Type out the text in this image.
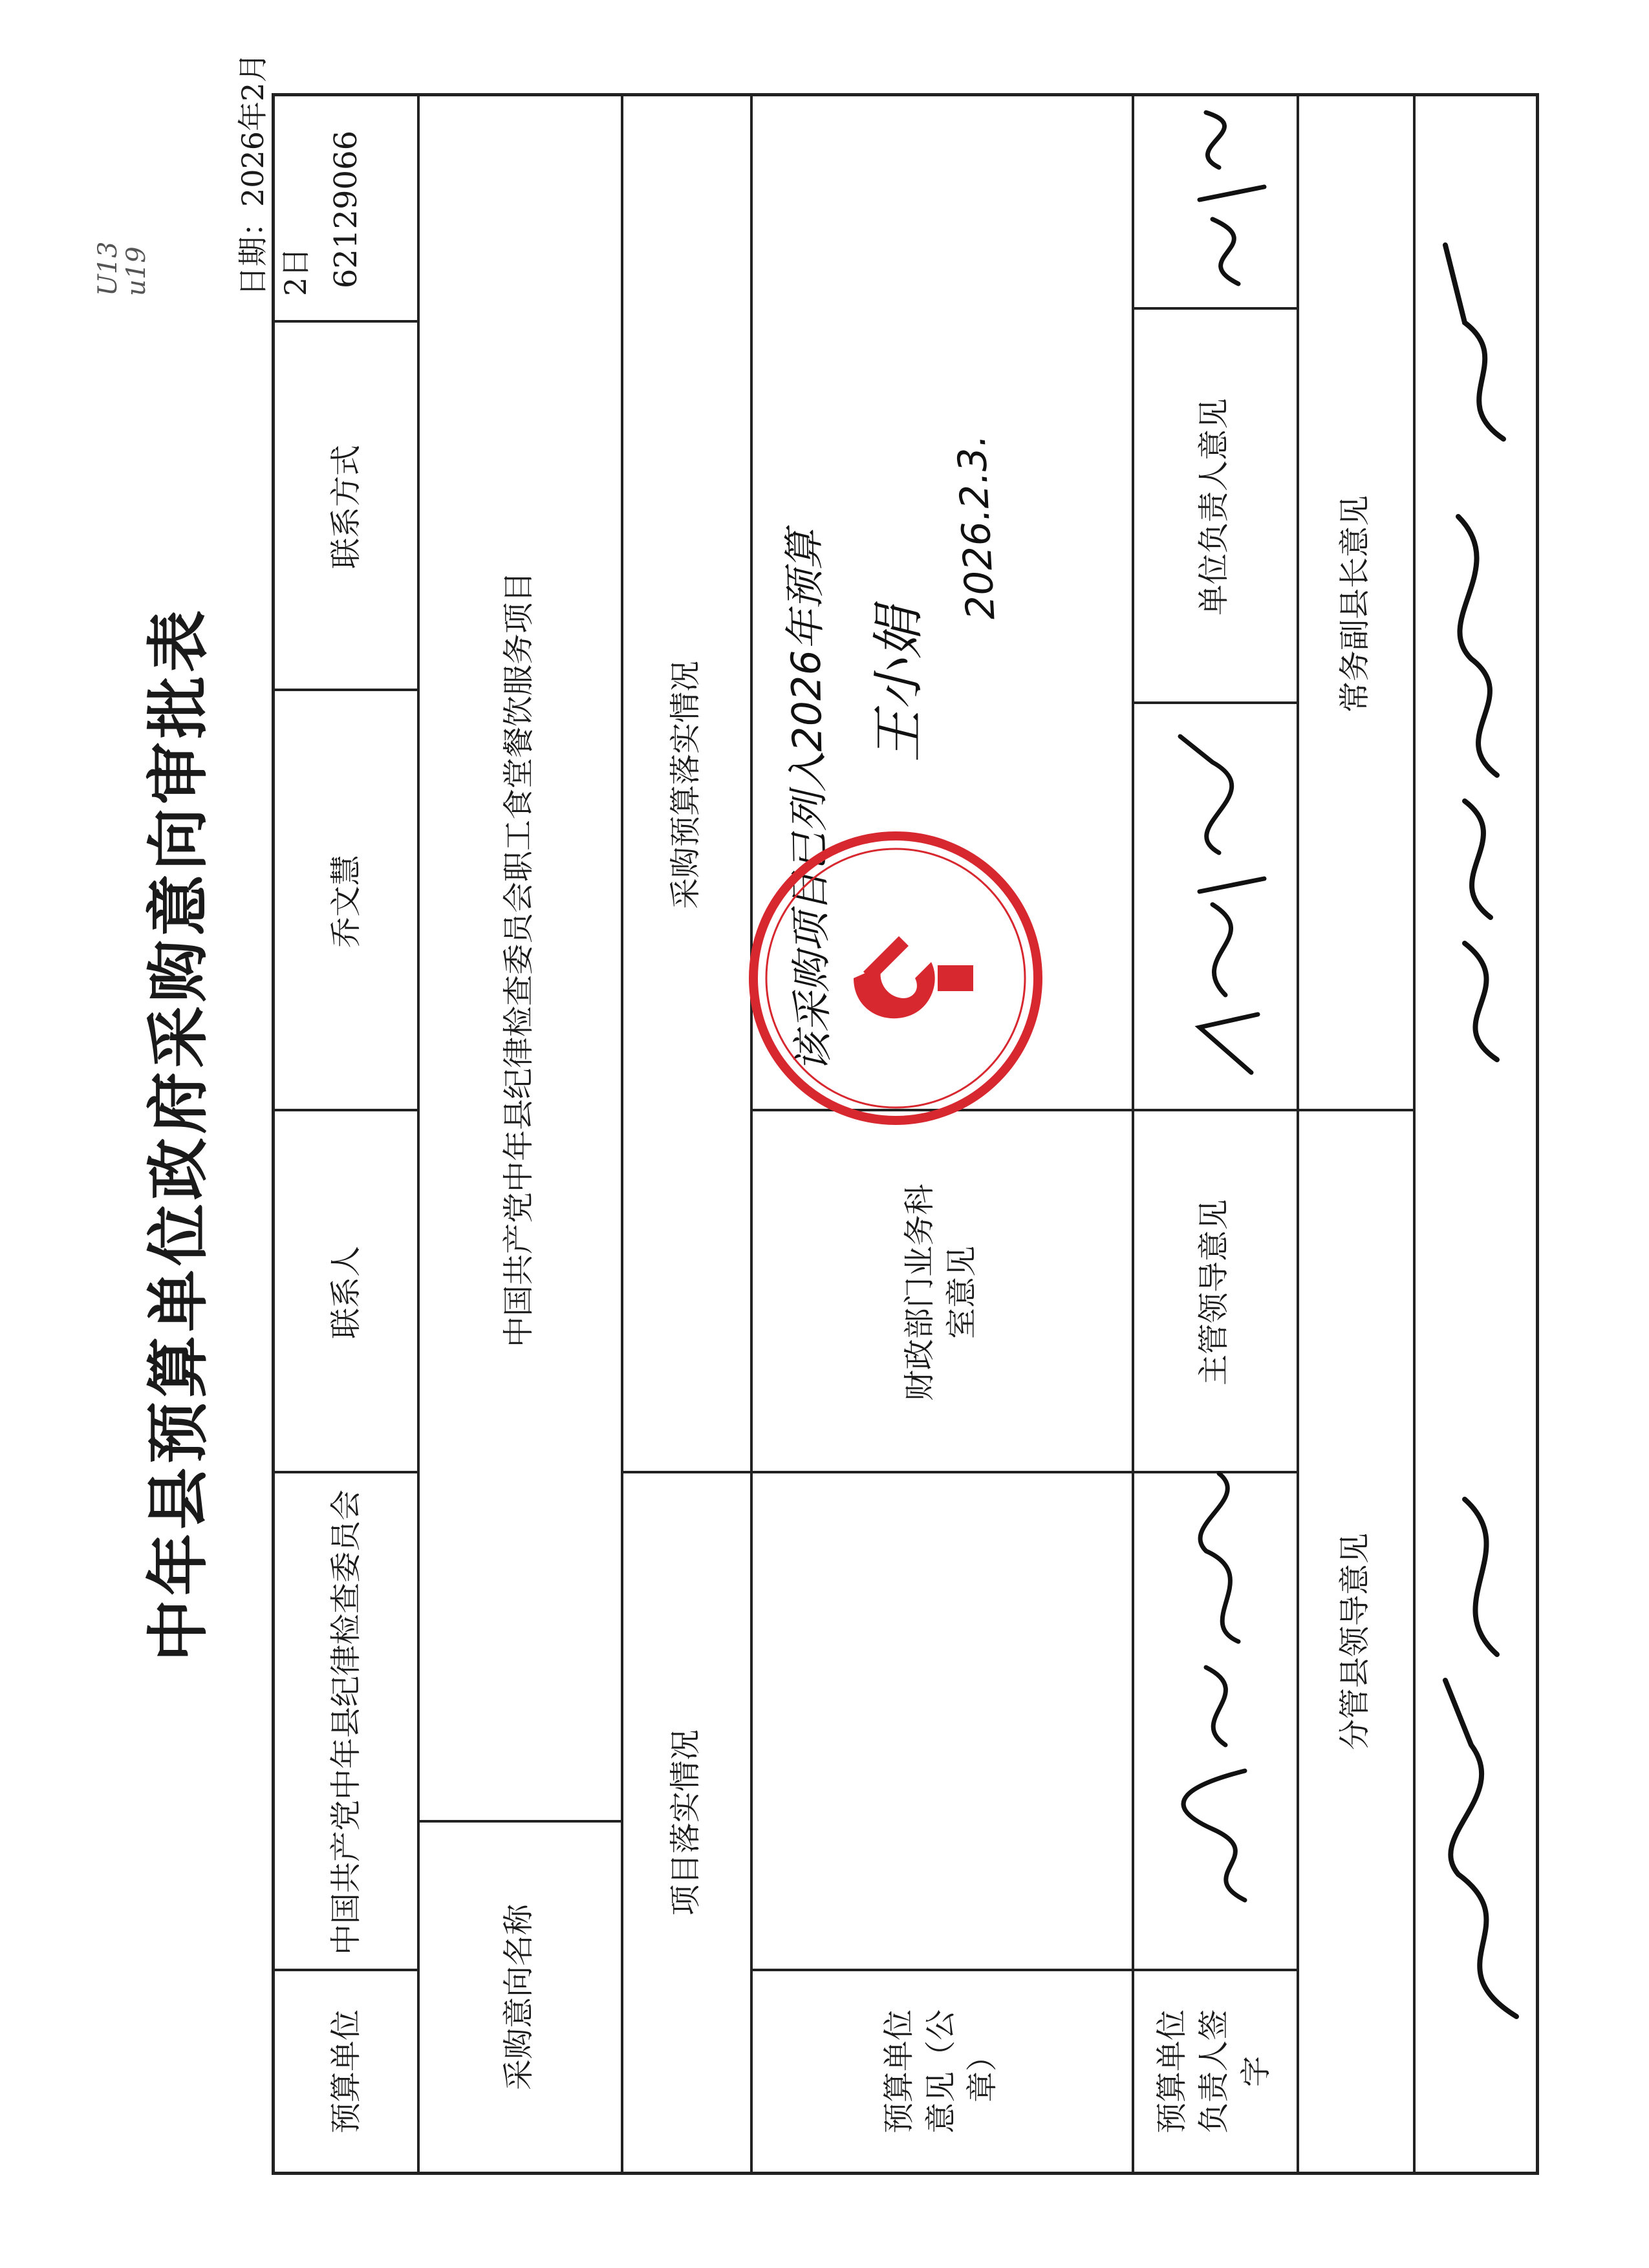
中年县预算单位政府采购意向审批表
日期：2026年2月2日
预算单位
中国共产党中年县纪律检查委员会
联系人
乔文慧
联系方式
62129066
采购意向名称
中国共产党中年县纪律检查委员会职工食堂餐饮服务项目
项目落实情况
采购预算落实情况
预算单位意见（公章）
财政部门业务科室意见
预算单位负责人签字
主管领导意见
单位负责人意见
分管县领导意见
常务副县长意见
该采购项目已列入2026年预算 王小娟
2026.2.3.
U13
u19
